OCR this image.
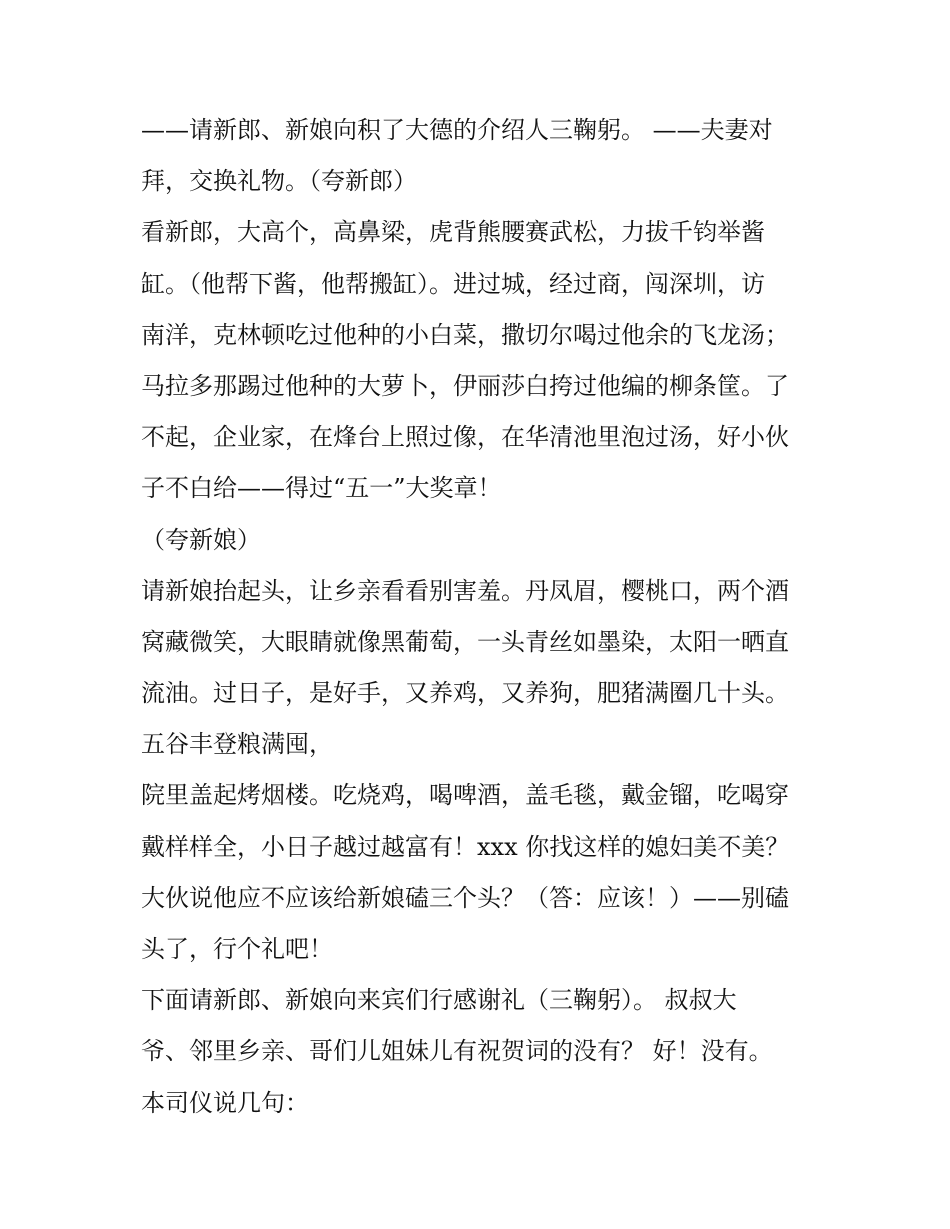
——请新郎、新娘向积了大德的介绍人三鞠躬。 ——夫妻对
拜，交换礼物。（夸新郎）
看新郎，大高个，高鼻梁，虎背熊腰赛武松，力拔千钧举酱
缸。（他帮下酱，他帮搬缸）。进过城，经过商，闯深圳，访
南洋，克林顿吃过他种的小白菜，撒切尔喝过他余的飞龙汤；
马拉多那踢过他种的大萝卜，伊丽莎白挎过他编的柳条筐。了
不起，企业家，在烽台上照过像，在华清池里泡过汤，好小伙
子不白给——得过“五一”大奖章！
（夸新娘）
请新娘抬起头，让乡亲看看别害羞。丹凤眉，樱桃口，两个酒
窝藏微笑，大眼睛就像黑葡萄，一头青丝如墨染，太阳一晒直
流油。过日子，是好手，又养鸡，又养狗，肥猪满圈几十头。
五谷丰登粮满囤，
院里盖起烤烟楼。吃烧鸡，喝啤酒，盖毛毯，戴金镏，吃喝穿
戴样样全，小日子越过越富有！xxx 你找这样的媳妇美不美？
大伙说他应不应该给新娘磕三个头？（答：应该！）——别磕
头了，行个礼吧！
下面请新郎、新娘向来宾们行感谢礼（三鞠躬）。 叔叔大
爷、邻里乡亲、哥们儿姐妹儿有祝贺词的没有？ 好！没有。
本司仪说几句：
